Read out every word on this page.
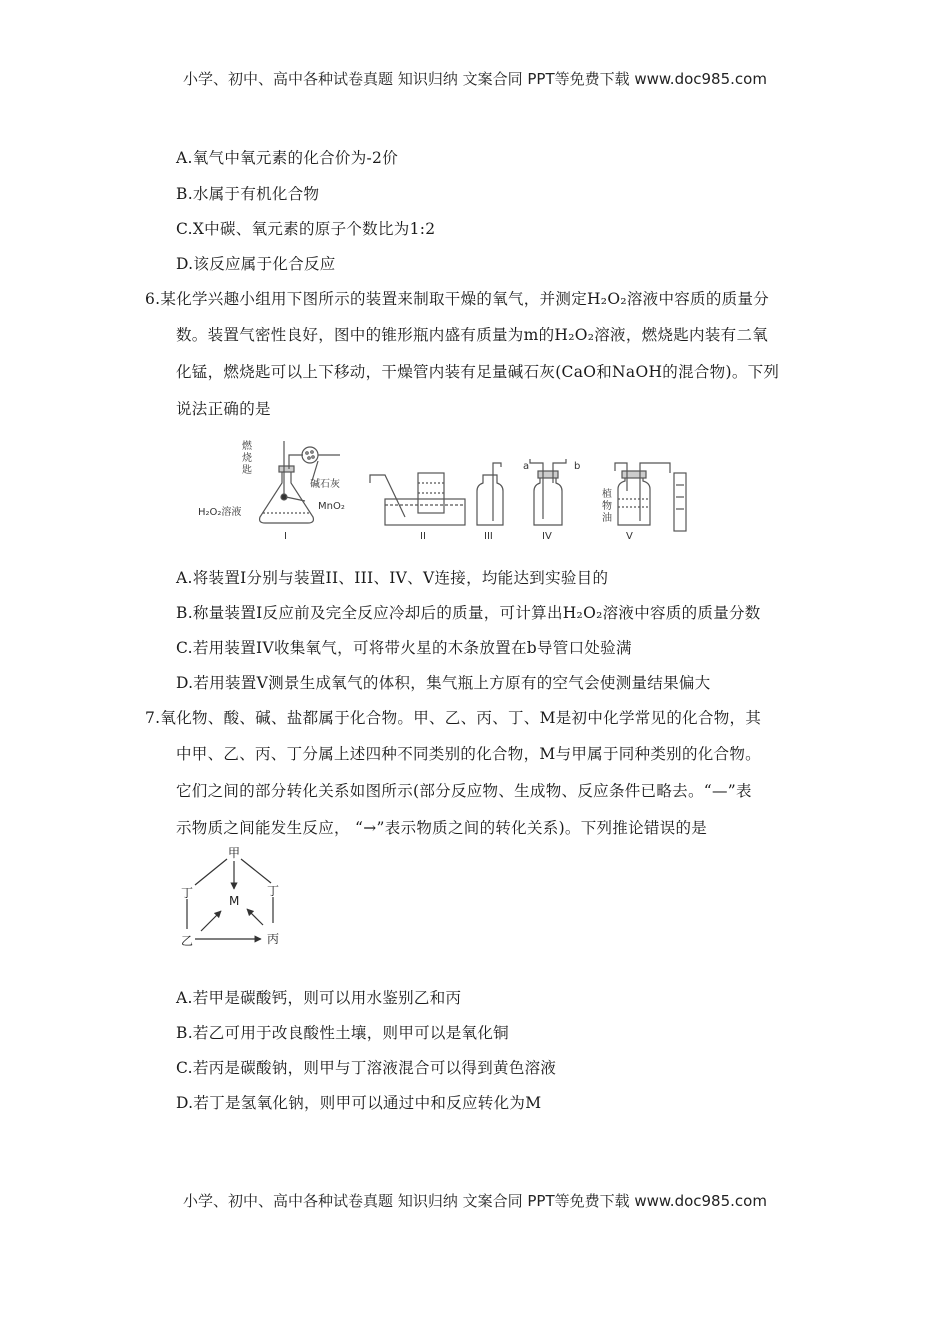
小学、初中、高中各种试卷真题 知识归纳 文案合同 PPT等免费下载 www.doc985.com
A.氧气中氧元素的化合价为-2价
B.水属于有机化合物
C.X中碳、氧元素的原子个数比为1:2
D.该反应属于化合反应
6.某化学兴趣小组用下图所示的装置来制取干燥的氧气，并测定H₂O₂溶液中容质的质量分
数。装置气密性良好，图中的锥形瓶内盛有质量为m的H₂O₂溶液，燃烧匙内装有二氧
化锰，燃烧匙可以上下移动，干燥管内装有足量碱石灰(CaO和NaOH的混合物)。下列
说法正确的是
燃
烧
匙
碱石灰
H₂O₂溶液
MnO₂
a	b
植
物
油
I	II	III	IV	V
A.将装置I分别与装置II、III、IV、V连接，均能达到实验目的
B.称量装置I反应前及完全反应冷却后的质量，可计算出H₂O₂溶液中容质的质量分数
C.若用装置IV收集氧气，可将带火星的木条放置在b导管口处验满
D.若用装置V测景生成氧气的体积，集气瓶上方原有的空气会使测量结果偏大
7.氧化物、酸、碱、盐都属于化合物。甲、乙、丙、丁、M是初中化学常见的化合物，其
中甲、乙、丙、丁分属上述四种不同类别的化合物，M与甲属于同种类别的化合物。
它们之间的部分转化关系如图所示(部分反应物、生成物、反应条件已略去。“—”表
示物质之间能发生反应， “→”表示物质之间的转化关系)。下列推论错误的是
甲
丁	丁
M
乙	丙
A.若甲是碳酸钙，则可以用水鉴别乙和丙
B.若乙可用于改良酸性土壤，则甲可以是氧化铜
C.若丙是碳酸钠，则甲与丁溶液混合可以得到黄色溶液
D.若丁是氢氧化钠，则甲可以通过中和反应转化为M
小学、初中、高中各种试卷真题 知识归纳 文案合同 PPT等免费下载 www.doc985.com
